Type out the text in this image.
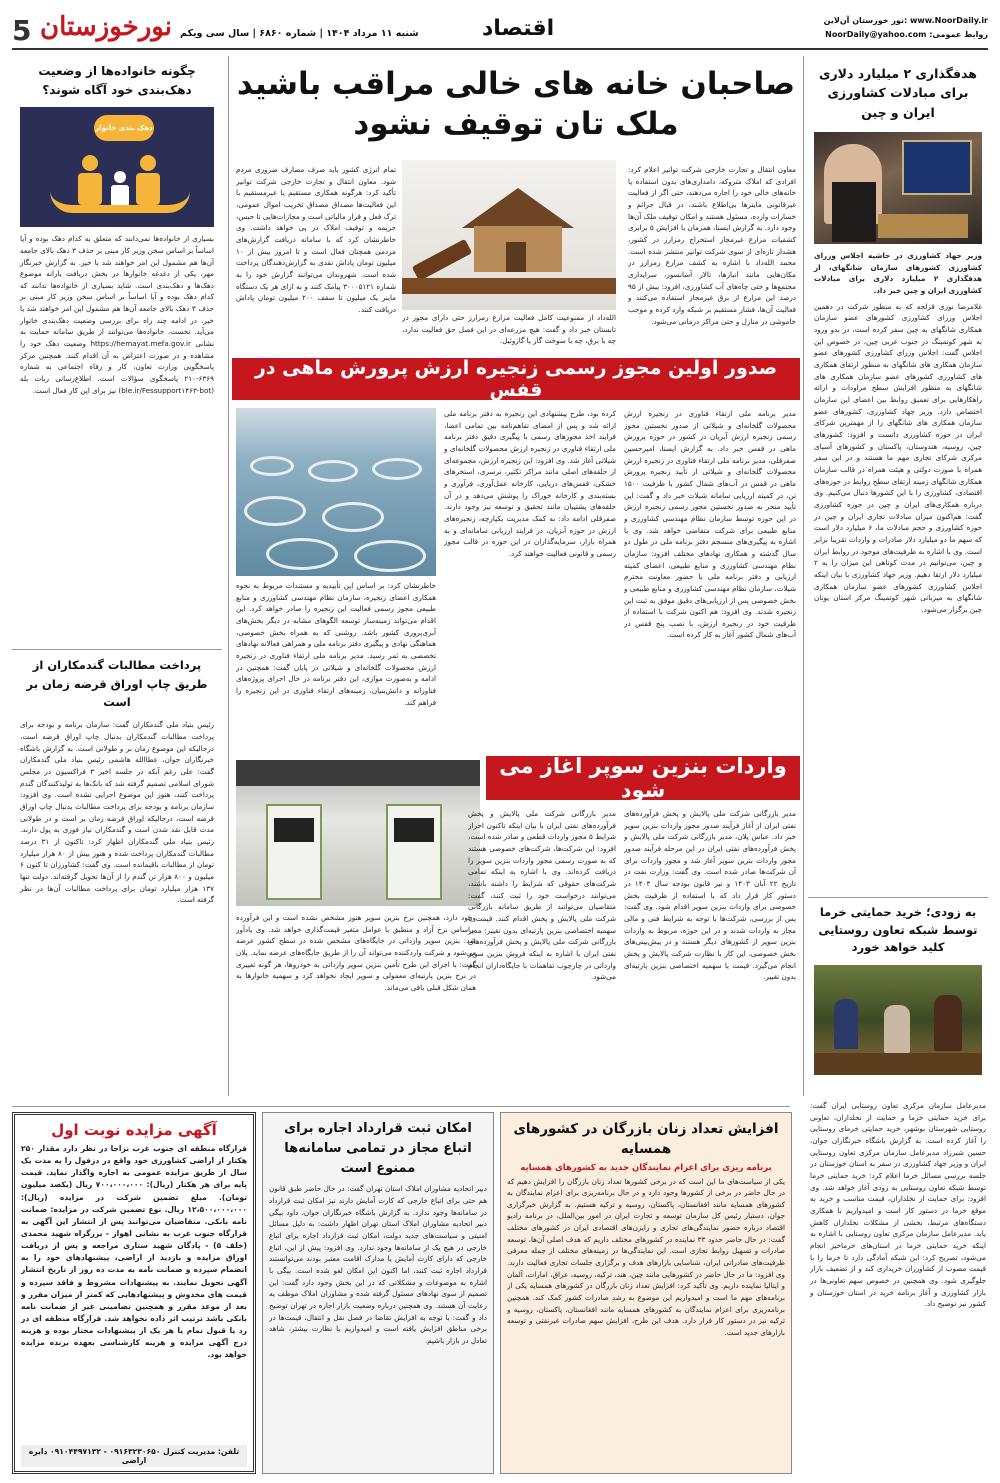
5 نورخوزستان شنبه ۱۱ مرداد ۱۴۰۴ | شماره ۶۸۶۰ | سال سی ویکم	اقتصاد	www.NoorDaily.ir :نور خوزستان آن‌لاین
روابط عمومی: NoorDaily@yahoo.com
هدفگذاری ۲ میلیارد دلاری برای مبادلات کشاورزی ایران و چین
وزیر جهاد کشاورزی در حاشیه اجلاس وزرای کشاورزی کشورهای سازمان شانگهای، از هدفگذاری ۲ میلیارد دلاری برای مبادلات کشاورزی ایران و چین خبر داد.
غلامرضا نوری قزلجه که به منظور شرکت در دهمین اجلاس وزرای کشاورزی کشورهای عضو سازمان همکاری شانگهای به چین سفر کرده است، در بدو ورود به شهر کونمینگ در جنوب غربی چین، در خصوص این اجلاس گفت: اجلاس وزرای کشاورزی کشورهای عضو سازمان همکاری های شانگهای به منظور ارتقای همکاری های کشاورزی کشورهای عضو سازمان همکاری های شانگهای به منظور افزایش سطح مراودات و ارائه راهکارهایی برای تعمیق روابط بین اعضای این سازمان اختصاص دارد. وزیر جهاد کشاورزی، کشورهای عضو سازمان همکاری های شانگهای را از مهمترین شرکای ایران در حوزه کشاورزی دانست و افزود: کشورهای چین، روسیه، هندوستان، پاکستان و کشورهای آسیای مرکزی شرکای تجاری مهم ما هستند و در این سفر همراه با صورت دولتی و هیئت همراه در قالب سازمان همکاری شانگهای زمینه ارتقای سطح روابط در حوزه‌های اقتصادی، کشاورزی را با این کشورها دنبال می‌کنیم. وی درباره همکاری‌های ایران و چین در حوزه کشاورزی گفت: هم‌اکنون میزان مبادلات تجاری ایران و چین در حوزه کشاورزی و حجم مبادلات ما، ۶ میلیارد دلار است که سهم ما دو میلیارد دلار صادرات و واردات تقریبا برابر است. وی با اشاره به ظرفیت‌های موجود در روابط ایران و چین، می‌توانیم در مدت کوتاهی این میزان را به ۲ میلیارد دلار ارتقا دهیم. وزیر جهاد کشاورزی با بیان اینکه اجلاس کشاورزی کشورهای عضو سازمان همکاری شانگهای به میزبانی شهر کونمینگ مرکز استان یونان چین برگزار می‌شود.
به زودی؛ خرید حمایتی خرما توسط شبکه تعاون روستایی کلید خواهد خورد
مدیرعامل سازمان مرکزی تعاون روستایی ایران گفت: برای خرید حمایتی خرما و حمایت از نخلداران، تعاونی روستایی شهرستان بوشهر، خرید حمایتی خرمای روستایی را آغاز کرده است. به گزارش باشگاه خبرنگاران جوان، حسین شیرزاد مدیرعامل سازمان مرکزی تعاون روستایی ایران و وزیر جهاد کشاورزی در سفر به استان خوزستان در جلسه بررسی مسائل خرما اعلام کرد: خرید حمایتی خرما توسط شبکه تعاون روستایی به زودی آغاز خواهد شد. وی افزود: برای حمایت از نخلداران، قیمت مناسب و خرید به موقع خرما در دستور کار است و امیدواریم با همکاری دستگاه‌های مرتبط، بخشی از مشکلات نخلداران کاهش یابد. مدیرعامل سازمان مرکزی تعاون روستایی با اشاره به اینکه خرید حمایتی خرما در استان‌های خرماخیز انجام می‌شود، تصریح کرد: این شبکه آمادگی دارد تا خرما را با قیمت مصوب از کشاورزان خریداری کند و از تضعیف بازار جلوگیری شود. وی همچنین در خصوص سهم تعاونی‌ها در بازار کشاورزی و آغاز برنامه خرید در استان خوزستان و کشور نیز توضیح داد.
چگونه خانواده‌ها از وضعیت دهک‌بندی خود آگاه شوند؟
دهک بندی خانوار
بسیاری از خانواده‌ها نمی‌دانند که متعلق به کدام دهک بوده و آیا اساساً بر اساس سخن وزیر کار مبنی بر حذف ۳ دهک بالای جامعه آن‌ها هم مشمول این امر خواهند شد یا خیر. به گزارش خبرنگار مهر، یکی از دغدغه خانوارها در بخش دریافت یارانه موضوع دهک‌ها و دهک‌بندی است. شاید بسیاری از خانواده‌ها ندانند که کدام دهک بوده و آیا اساساً بر اساس سخن وزیر کار مبنی بر حذف ۳ دهک بالای جامعه آن‌ها هم مشمول این امر خواهند شد یا خیر. در ادامه چند راه برای بررسی وضعیت دهک‌بندی خانوار می‌آید. نخست، خانواده‌ها می‌توانند از طریق سامانه حمایت به نشانی https://hemayat.mefa.gov.ir وضعیت دهک خود را مشاهده و در صورت اعتراض به آن اقدام کنند. همچنین مرکز پاسخگویی وزارت تعاون، کار و رفاه اجتماعی به شماره ۶۳۶۹-۲۱۰ پاسخگوی سؤالات است. اطلاع‌رسانی ربات بله (ble.ir/Fessupport۱۴۶۳-bot) نیز برای این کار فعال است.
پرداخت مطالبات گندمکاران از طریق چاپ اوراق قرضه زمان بر است
رئیس بنیاد ملی گندمکاران گفت: سازمان برنامه و بودجه برای پرداخت مطالبات گندمکاران بدنبال چاپ اوراق قرضه است، درحالیکه این موضوع زمان بر و طولانی است. به گزارش باشگاه خبرنگاران جوان، عطاالله هاشمی رئیس بنیاد ملی گندمکاران گفت: علی رغم آنکه در جلسه اخیر ۳ فراکسیون در مجلس شورای اسلامی تصمیم گرفته شد که بانک‌ها به تولیدکنندگان گندم پرداخت کنند، هنوز این موضوع اجرایی نشده است. وی افزود: سازمان برنامه و بودجه برای پرداخت مطالبات بدنبال چاپ اوراق قرضه است، درحالیکه اوراق قرضه زمان بر است و در طولانی مدت قابل نقد شدن است و گندمکاران نیاز فوری به پول دارند. رئیس بنیاد ملی گندمکاران اظهار کرد: تاکنون از ۳۱ درصد مطالبات گندمکاران پرداخت شده و هنوز بیش از ۸۰ هزار میلیارد تومان از مطالبات باقیمانده است. وی گفت: کشاورزان تا کنون ۶ میلیون و ۸۰۰ هزار تن گندم را از آن‌ها تحویل گرفته‌اند. دولت تنها ۱۳۷ هزار میلیارد تومان برای پرداخت مطالبات آن‌ها در نظر گرفته است.
صاحبان خانه های خالی مراقب باشید
ملک تان توقیف نشود
معاون انتقال و تجارت خارجی شرکت توانیر اعلام کرد: افرادی که املاک متروکه، دامداری‌های بدون استفاده یا خانه‌های خالی خود را اجاره می‌دهند، حتی اگر از فعالیت غیرقانونی ماینرها بی‌اطلاع باشند، در قبال جرائم و خسارات وارده، مسئول هستند و امکان توقیف ملک آن‌ها وجود دارد. به گزارش ایسنا، همزمان با افزایش ۵ برابری کشفیات مزارع غیرمجاز استخراج رمزارز در کشور، هشدار تازه‌ای از سوی شرکت توانیر منتشر شده است. محمد الله‌داد با اشاره به کشف مزارع رمزارز در مکان‌هایی مانند انبارها، تالار آسانسور، سرایداری مجتمع‌ها و حتی چاه‌های آب کشاورزی، افزود: بیش از ۹۵ درصد این مزارع از برق غیرمجاز استفاده می‌کنند و فعالیت آن‌ها، فشار مستقیم بر شبکه وارد کرده و موجب خاموشی در منازل و حتی مراکز درمانی می‌شود.
الله‌داد از ممنوعیت کامل فعالیت مزارع رمزارز حتی دارای مجوز در تابستان خبر داد و گفت: هیچ مزرعه‌ای در این فصل حق فعالیت ندارد، چه با برق، چه با سوخت گاز یا گازوئیل.
تمام انرژی کشور باید صرف مصارف ضروری مردم شود. معاون انتقال و تجارت خارجی شرکت توانیر تأکید کرد: هرگونه همکاری مستقیم یا غیرمستقیم با این فعالیت‌ها مصداق مصداق تخریب اموال عمومی، ترک فعل و قرار مالیاتی است و مجازات‌هایی تا حبس، جریمه و توقیف املاک در پی خواهد داشت. وی خاطرنشان کرد که با سامانه دریافت گزارش‌های مردمی همچنان فعال است و تا امروز بیش از ۱۰ میلیون تومان پاداش نقدی به گزارش‌دهندگان پرداخت شده است. شهروندان می‌توانند گزارش خود را به شماره ۳۰۰۰۵۱۲۱ پیامک کنند و به ازای هر یک دستگاه ماینر یک میلیون تا سقف ۲۰۰ میلیون تومان پاداش دریافت کنند.
صدور اولین مجوز رسمی زنجیره ارزش پرورش ماهی در قفس
مدیر برنامه ملی ارتقاء فناوری در زنجیره ارزش محصولات گلخانه‌ای و شیلاتی از صدور نخستین مجوز رسمی زنجیره ارزش آبزیان در کشور در حوزه پرورش ماهی در قفس خبر داد. به گزارش ایسنا، امیرحسین صفرقلی، مدیر برنامه ملی ارتقاء فناوری در زنجیره ارزش محصولات گلخانه‌ای و شیلاتی از تأیید زنجیره پرورش ماهی در قفس در آب‌های شمال کشور با ظرفیت ۱۵۰۰ تن، در کمیته ارزیابی سامانه شیلات خبر داد و گفت: این تأیید منجر به صدور نخستین مجوز رسمی زنجیره ارزش در این حوزه توسط سازمان نظام مهندسی کشاورزی و منابع طبیعی برای شرکت متقاضی خواهد شد. وی با اشاره به پیگیری‌های منسجم دفتر برنامه ملی در طول دو سال گذشته و همکاری نهادهای مختلف افزود: سازمان نظام مهندسی کشاورزی و منابع طبیعی، اعضای کمیته ارزیابی و دفتر برنامه ملی با حضور معاونت محترم شیلات، سازمان نظام مهندسی کشاورزی و منابع طبیعی و بخش خصوصی پس از ارزیابی‌های دقیق موفق به ثبت این زنجیره شدند. وی افزود: هم اکنون شرکت با استفاده از ظرفیت خود در زنجیره ارزش، با نصب پنج قفس در آب‌های شمال کشور آغاز به کار کرده است.
کرده بود، طرح پیشنهادی این زنجیره به دفتر برنامه ملی ارائه شد و پس از امضای تفاهم‌نامه بین تمامی اعضا، فرایند اخذ مجوزهای رسمی با پیگیری دقیق دفتر برنامه ملی ارتقاء فناوری در زنجیره ارزش محصولات گلخانه‌ای و شیلاتی آغاز شد. وی افزود: این زنجیره ارزش، مجموعه‌ای از حلقه‌های اصلی مانند مراکز تکثیر، نرسری، استخرهای خشکی، قفس‌های دریایی، کارخانه عمل‌آوری، فرآوری و بسته‌بندی و کارخانه خوراک را پوشش می‌دهد و در آن حلقه‌های پشتیبان مانند تحقیق و توسعه نیز وجود دارند. صفرقلی ادامه داد: به کمک مدیریت یکپارچه، زنجیره‌های ارزش در حوزه آبزیان، در فرایند ارزیابی سامانه‌ای و به همراه بازار، سرمایه‌گذاران در این حوزه در قالب مجوز رسمی و قانونی فعالیت خواهند کرد.
خاطرنشان کرد: بر اساس این تأییدیه و مستندات مربوط به نحوه همکاری اعضای زنجیره، سازمان نظام مهندسی کشاورزی و منابع طبیعی مجوز رسمی فعالیت این زنجیره را صادر خواهد کرد. این اقدام می‌تواند زمینه‌ساز توسعه الگوهای مشابه در دیگر بخش‌های آبزی‌پروری کشور باشد. روشنی که به همراه بخش خصوصی، هماهنگی نهادی و پیگیری دفتر برنامه ملی و همراهی فعالانه نهادهای تخصصی به ثمر رسید. مدیر برنامه ملی ارتقاء فناوری در زنجیره ارزش محصولات گلخانه‌ای و شیلاتی در پایان گفت: همچنین در ادامه و به‌صورت موازی، این دفتر برنامه در حال اجرای پروژه‌های فناورانه و دانش‌بنیان، زمینه‌های ارتقاء فناوری در این زنجیره را فراهم کند.
واردات بنزین سوپر آغاز می شود
مدیر بازرگانی شرکت ملی پالایش و پخش فرآورده‌های نفتی ایران از آغاز فرآیند صدور مجوز واردات بنزین سوپر خبر داد. عباس پلان، مدیر بازرگانی شرکت ملی پالایش و پخش فرآورده‌های نفتی ایران در این مرحله فرآیند صدور مجوز واردات بنزین سوپر آغاز شد و مجوز واردات برای آن شرکت‌ها صادر شده است. وی گفت: وزارت نفت در تاریخ ۲۲ آبان ۱۴۰۳ و نیز قانون بودجه سال ۱۴۰۴ در دستور کار قرار داد که با استفاده از ظرفیت بخش خصوصی برای واردات بنزین سوپر اقدام شود. وی گفت: پس از بررسی، شرکت‌ها با توجه به شرایط فنی و مالی مجاز به واردات شدند و در این حوزه، مربوط به واردات بنزین سوپر از کشورهای دیگر هستند و در پیش‌بینی‌های بخش خصوصی، این کار با نظارت شرکت پالایش و پخش انجام می‌گیرد. قیمت یا سهمیه اختصاصی بنزین پارتیه‌ای بدون تغییر.
مدیر بازرگانی شرکت ملی پالایش و پخش فرآورده‌های نفتی ایران با بیان اینکه تاکنون احراز شرایط ۵ مجوز واردات قطعی و صادر شده است، افزود: این شرکت‌ها، شرکت‌های خصوصی هستند که به صورت رسمی مجوز واردات بنزین سوپر را دریافت کرده‌اند. وی با اشاره به اینکه تمامی شرکت‌های حقوقی که شرایط را داشته باشند، می‌توانند درخواست خود را ثبت کنند، گفت: متقاضیان می‌توانند از طریق سامانه بازرگانی شرکت ملی پالایش و پخش اقدام کنند. قیمت یا سهمیه اختصاصی بنزین پارتیه‌ای بدون تغییر: مدیر بازرگانی شرکت ملی پالایش و پخش فرآورده‌های نفتی ایران با اشاره به اینکه فروش بنزین سوپر وارداتی در چارچوب تفاهمات با جایگاه‌داران انجام می‌شود.
وجود دارد، همچنین نرخ بنزین سوپر هنوز مشخص نشده است و این فرآورده براساس نرخ آزاد و منطبق با عوامل متغیر قیمت‌گذاری خواهد شد. وی یادآور شد: بنزین سوپر وارداتی در جایگاه‌های مشخص شده در سطح کشور عرضه می‌شود و شرکت واردکننده می‌تواند آن را از طریق جایگاه‌های عرضه نماید. پلان گفت: با اجرای این طرح تأمین بنزین سوپر وارداتی به خودروها، هر گونه تغییری در نرخ بنزین پارتیه‌ای معمولی و سوپر ایجاد نخواهد کرد و سهمیه خانوارها به همان شکل قبلی باقی می‌ماند.
افزایش تعداد زنان بازرگان در کشورهای همسایه
برنامه ریزی برای اعزام نمایندگان جدید به کشورهای همسایه
یکی از سیاست‌های ما این است که در برخی کشورها تعداد زنان بازرگان را افزایش دهیم که در حال حاضر در برخی از کشورها وجود دارد و در حال برنامه‌ریزی برای اعزام نمایندگان به کشورهای همسایه مانند افغانستان، پاکستان، روسیه و ترکیه هستیم. به گزارش خبرگزاری جوان، دستیار رئیس کل سازمان توسعه و تجارت ایران در امور بین‌الملل، در برنامه رادیو اقتصاد درباره حضور نمایندگی‌های تجاری و رایزن‌های اقتصادی ایران در کشورهای مختلف گفت: در حال حاضر حدود ۳۳ نماینده در کشورهای مختلف داریم که هدف اصلی آن‌ها، توسعه صادرات و تسهیل روابط تجاری است. این نمایندگی‌ها در زمینه‌های مختلف از جمله معرفی ظرفیت‌های صادراتی ایران، شناسایی بازارهای هدف و برگزاری جلسات تجاری فعالیت دارند. وی افزود: ما در حال حاضر در کشورهایی مانند چین، هند، ترکیه، روسیه، عراق، امارات، آلمان و ایتالیا نماینده داریم. وی تأکید کرد: افزایش تعداد زنان بازرگان در کشورهای همسایه یکی از برنامه‌های مهم ما است و امیدواریم این موضوع به رشد صادرات کشور کمک کند. همچنین برنامه‌ریزی برای اعزام نمایندگان به کشورهای همسایه مانند افغانستان، پاکستان، روسیه و ترکیه نیز در دستور کار قرار دارد. هدف این طرح، افزایش سهم صادرات غیرنفتی و توسعه بازارهای جدید است.
امکان ثبت قرارداد اجاره برای اتباع مجاز در تمامی سامانه‌ها ممنوع است
دبیر اتحادیه مشاوران املاک استان تهران گفت: در حال حاضر طبق قانون هم حتی برای اتباع خارجی که کارت آمایش دارند نیز امکان ثبت قرارداد در سامانه‌ها وجود ندارد. به گزارش باشگاه خبرنگاران جوان، داود بیگی دبیر اتحادیه مشاوران املاک استان تهران اظهار داشت: به دلیل مسائل امنیتی و سیاست‌های جدید دولت، امکان ثبت قرارداد اجاره برای اتباع خارجی در هیچ یک از سامانه‌ها وجود ندارد. وی افزود: پیش از این، اتباع خارجی که دارای کارت آمایش یا مدارک اقامت معتبر بودند می‌توانستند قرارداد اجاره ثبت کنند، اما اکنون این امکان لغو شده است. بیگی با اشاره به موضوعات و مشکلاتی که در این بخش وجود دارد گفت: این تصمیم از سوی نهادهای مسئول گرفته شده و مشاوران املاک موظف به رعایت آن هستند. وی همچنین درباره وضعیت بازار اجاره در تهران توضیح داد و گفت: با توجه به افزایش تقاضا در فصل نقل و انتقال، قیمت‌ها در برخی مناطق افزایش یافته است و امیدواریم با نظارت بیشتر، شاهد تعادل در بازار باشیم.
آگهی مزایده نوبت اول
قرارگاه منطقه ای جنوب غرب نزاجا در نظر دارد مقدار ۲۵۰ هکتار از اراضی کشاورزی خود واقع در دزفول را به مدت یک سال از طریق مزایده عمومی به اجاره واگذار نماید. قیمت پایه برای هر هکتار (ریال): ۷۰۰،۰۰۰،۰۰۰ ریال (یکصد میلیون تومان). مبلغ تضمین شرکت در مزایده (ریال): ۱۲،۵۰۰،۰۰۰،۰۰۰ ریال. نوع تضمین شرکت در مزایده: ضمانت نامه بانکی. متقاضیان می‌توانند پس از انتشار این آگهی به قرارگاه جنوب غرب به نشانی اهواز - بزرگراه شهید محمدی (خلف ۵) - پادگان شهید ستاری مراجعه و پس از دریافت اوراق مزایده و بازدید از اراضی، پیشنهادهای خود را به انضمام سپرده و ضمانت نامه به مدت ده روز از تاریخ انتشار آگهی تحویل نمایند. به پیشنهادات مشروط و فاقد سپرده و قیمت های مخدوش و پیشنهادهایی که کمتر از میزان مقرر و بعد از موعد مقرر و همچنین تضامینی غیر از ضمانت نامه بانکی باشد ترتیب اثر داده نخواهد شد. قرارگاه منطقه ای در رد یا قبول تمام یا هر یک از پیشنهادات مختار بوده و هزینه درج آگهی مزایده و هزینه کارشناسی بعهده برنده مزایده خواهد بود.
تلفن: مدیریت کنترل ۰۹۱۶۳۲۳۰۶۵۰ - ۰۹۱۰۴۴۹۷۱۳۲ دایره اراضی
